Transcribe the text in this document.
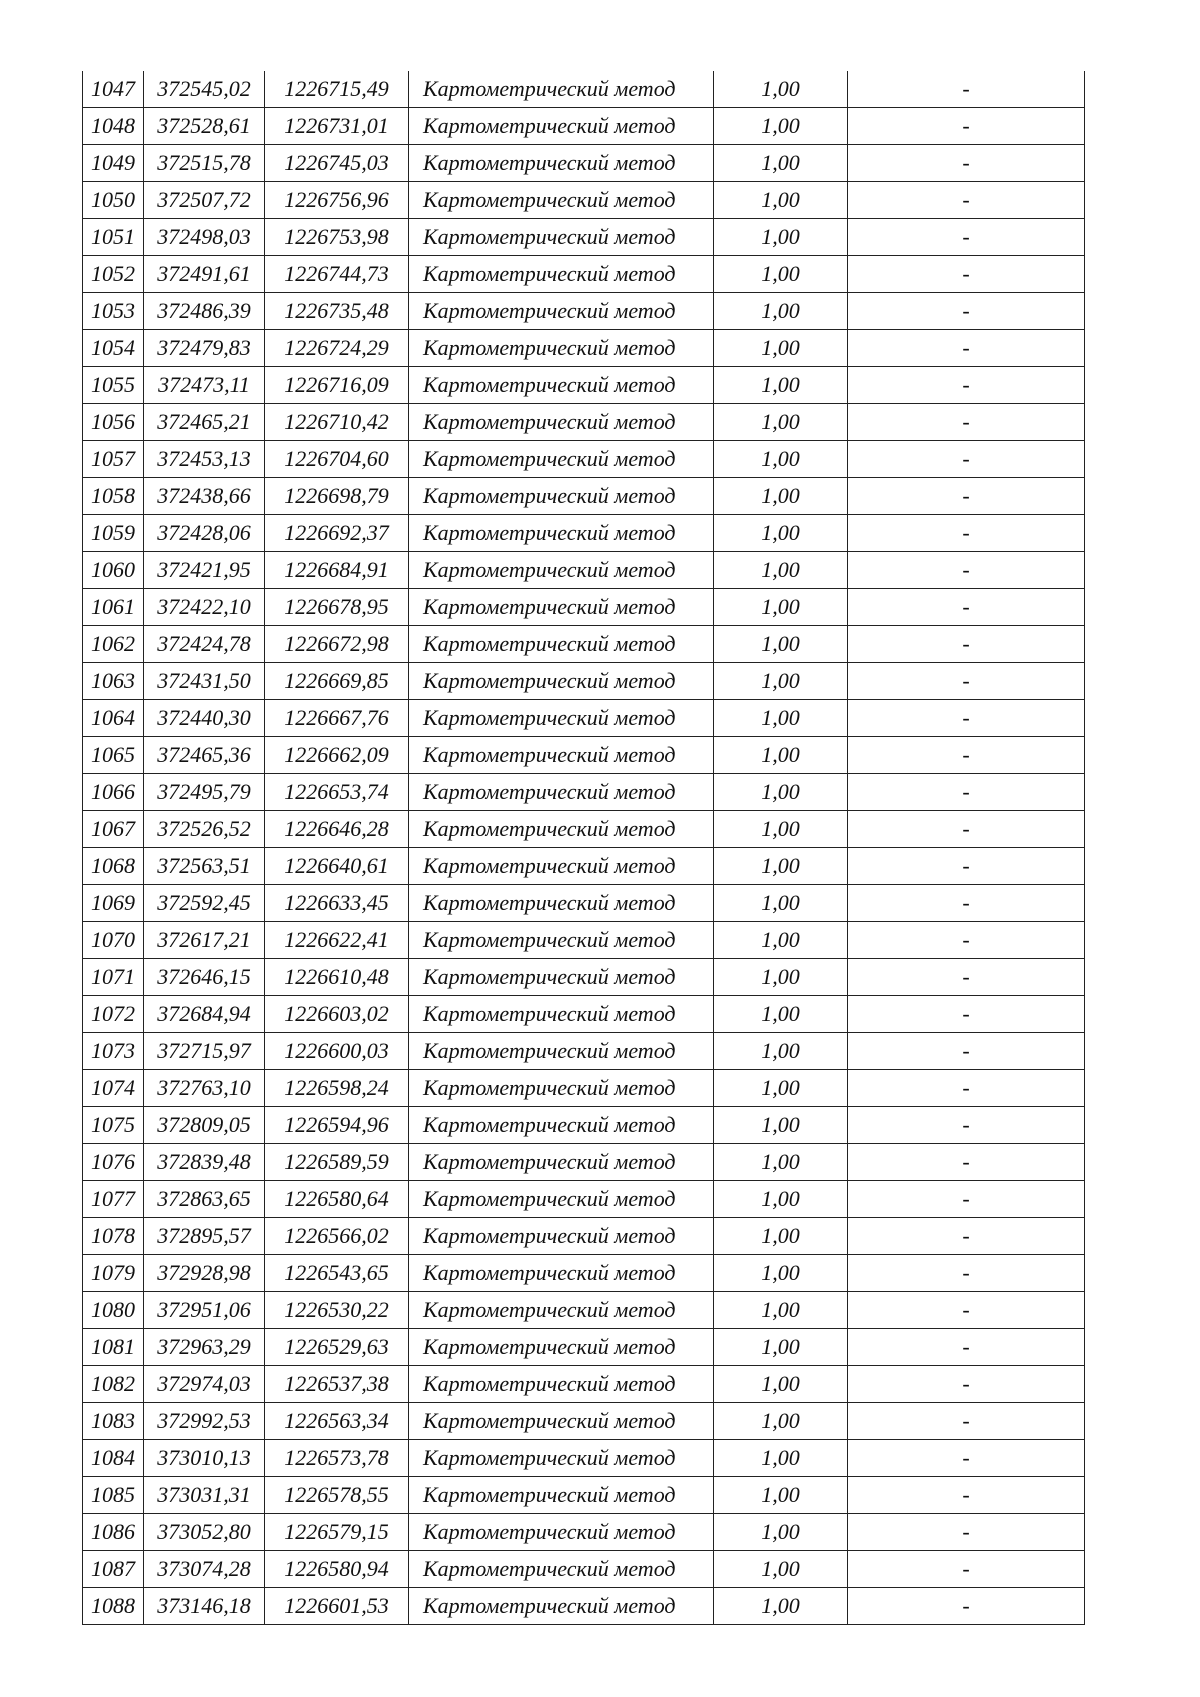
1047	372545,02	1226715,49	Картометрический метод	1,00	-
1048	372528,61	1226731,01	Картометрический метод	1,00	-
1049	372515,78	1226745,03	Картометрический метод	1,00	-
1050	372507,72	1226756,96	Картометрический метод	1,00	-
1051	372498,03	1226753,98	Картометрический метод	1,00	-
1052	372491,61	1226744,73	Картометрический метод	1,00	-
1053	372486,39	1226735,48	Картометрический метод	1,00	-
1054	372479,83	1226724,29	Картометрический метод	1,00	-
1055	372473,11	1226716,09	Картометрический метод	1,00	-
1056	372465,21	1226710,42	Картометрический метод	1,00	-
1057	372453,13	1226704,60	Картометрический метод	1,00	-
1058	372438,66	1226698,79	Картометрический метод	1,00	-
1059	372428,06	1226692,37	Картометрический метод	1,00	-
1060	372421,95	1226684,91	Картометрический метод	1,00	-
1061	372422,10	1226678,95	Картометрический метод	1,00	-
1062	372424,78	1226672,98	Картометрический метод	1,00	-
1063	372431,50	1226669,85	Картометрический метод	1,00	-
1064	372440,30	1226667,76	Картометрический метод	1,00	-
1065	372465,36	1226662,09	Картометрический метод	1,00	-
1066	372495,79	1226653,74	Картометрический метод	1,00	-
1067	372526,52	1226646,28	Картометрический метод	1,00	-
1068	372563,51	1226640,61	Картометрический метод	1,00	-
1069	372592,45	1226633,45	Картометрический метод	1,00	-
1070	372617,21	1226622,41	Картометрический метод	1,00	-
1071	372646,15	1226610,48	Картометрический метод	1,00	-
1072	372684,94	1226603,02	Картометрический метод	1,00	-
1073	372715,97	1226600,03	Картометрический метод	1,00	-
1074	372763,10	1226598,24	Картометрический метод	1,00	-
1075	372809,05	1226594,96	Картометрический метод	1,00	-
1076	372839,48	1226589,59	Картометрический метод	1,00	-
1077	372863,65	1226580,64	Картометрический метод	1,00	-
1078	372895,57	1226566,02	Картометрический метод	1,00	-
1079	372928,98	1226543,65	Картометрический метод	1,00	-
1080	372951,06	1226530,22	Картометрический метод	1,00	-
1081	372963,29	1226529,63	Картометрический метод	1,00	-
1082	372974,03	1226537,38	Картометрический метод	1,00	-
1083	372992,53	1226563,34	Картометрический метод	1,00	-
1084	373010,13	1226573,78	Картометрический метод	1,00	-
1085	373031,31	1226578,55	Картометрический метод	1,00	-
1086	373052,80	1226579,15	Картометрический метод	1,00	-
1087	373074,28	1226580,94	Картометрический метод	1,00	-
1088	373146,18	1226601,53	Картометрический метод	1,00	-
